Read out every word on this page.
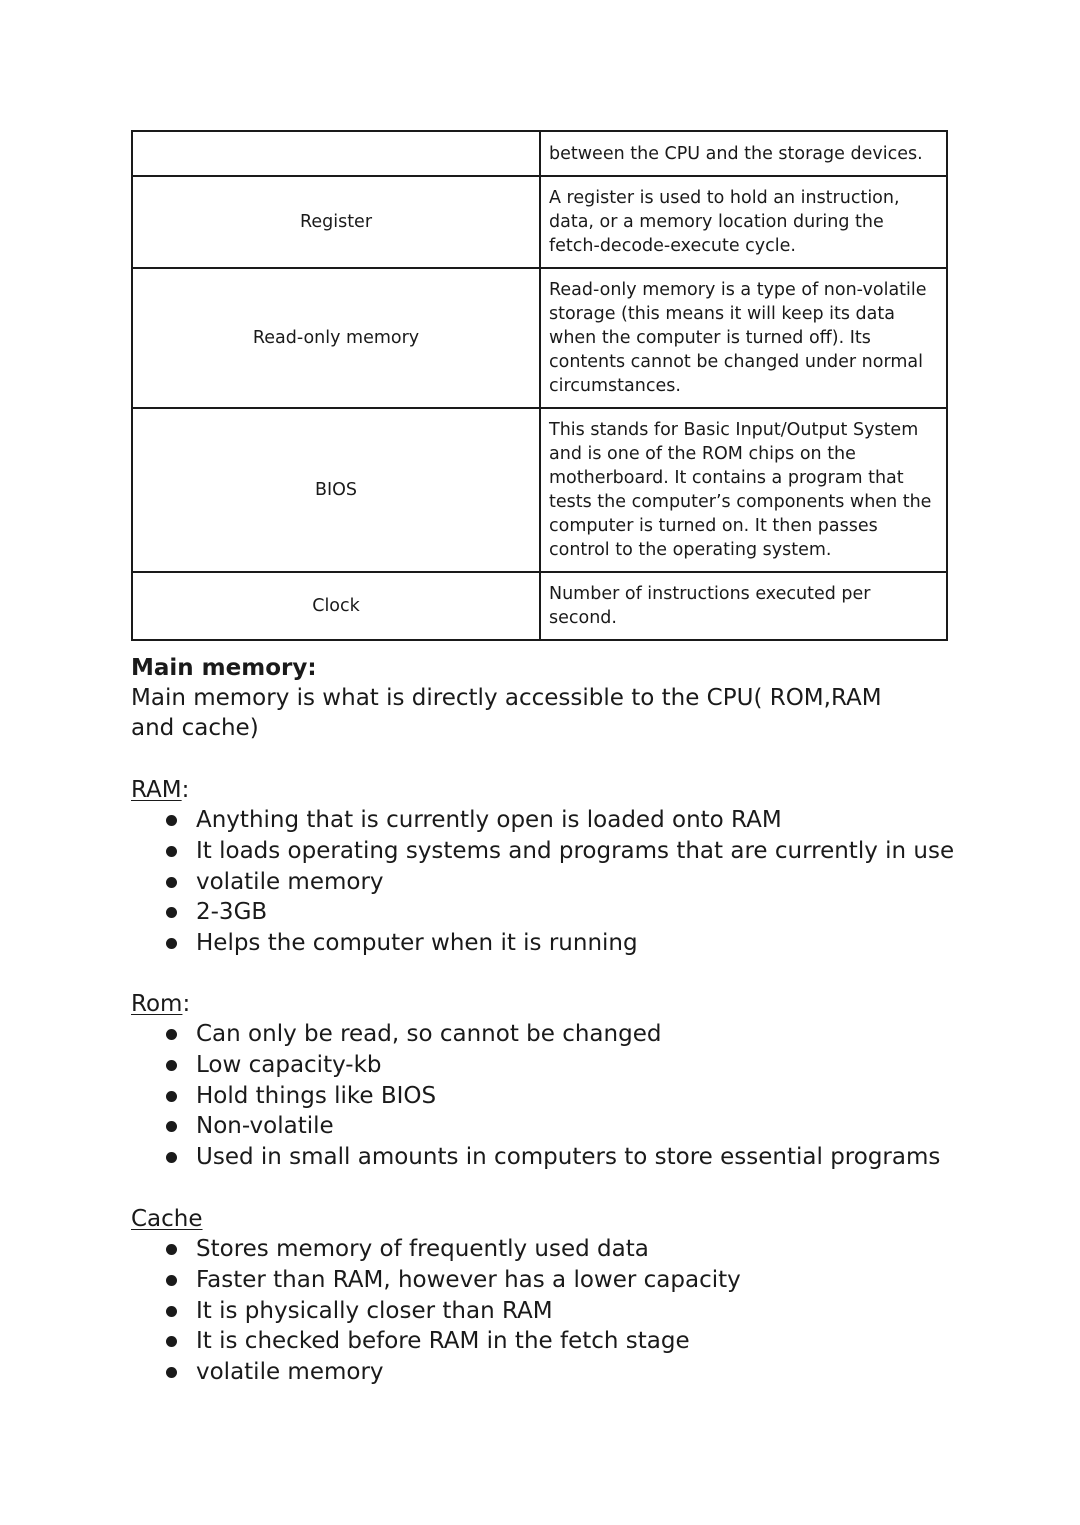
	between the CPU and the storage devices.
Register	A register is used to hold an instruction, data, or a memory location during the fetch-decode-execute cycle.
Read-only memory	Read-only memory is a type of non-volatile storage (this means it will keep its data when the computer is turned off). Its contents cannot be changed under normal circumstances.
BIOS	This stands for Basic Input/Output System and is one of the ROM chips on the motherboard. It contains a program that tests the computer’s components when the computer is turned on. It then passes control to the operating system.
Clock	Number of instructions executed per second.

Main memory:

Main memory is what is directly accessible to the CPU( ROM,RAM and cache)

RAM:

Anything that is currently open is loaded onto RAM
It loads operating systems and programs that are currently in use
volatile memory
2-3GB
Helps the computer when it is running

Rom:

Can only be read, so cannot be changed
Low capacity-kb
Hold things like BIOS
Non-volatile
Used in small amounts in computers to store essential programs

Cache

Stores memory of frequently used data
Faster than RAM, however has a lower capacity
It is physically closer than RAM
It is checked before RAM in the fetch stage
volatile memory
